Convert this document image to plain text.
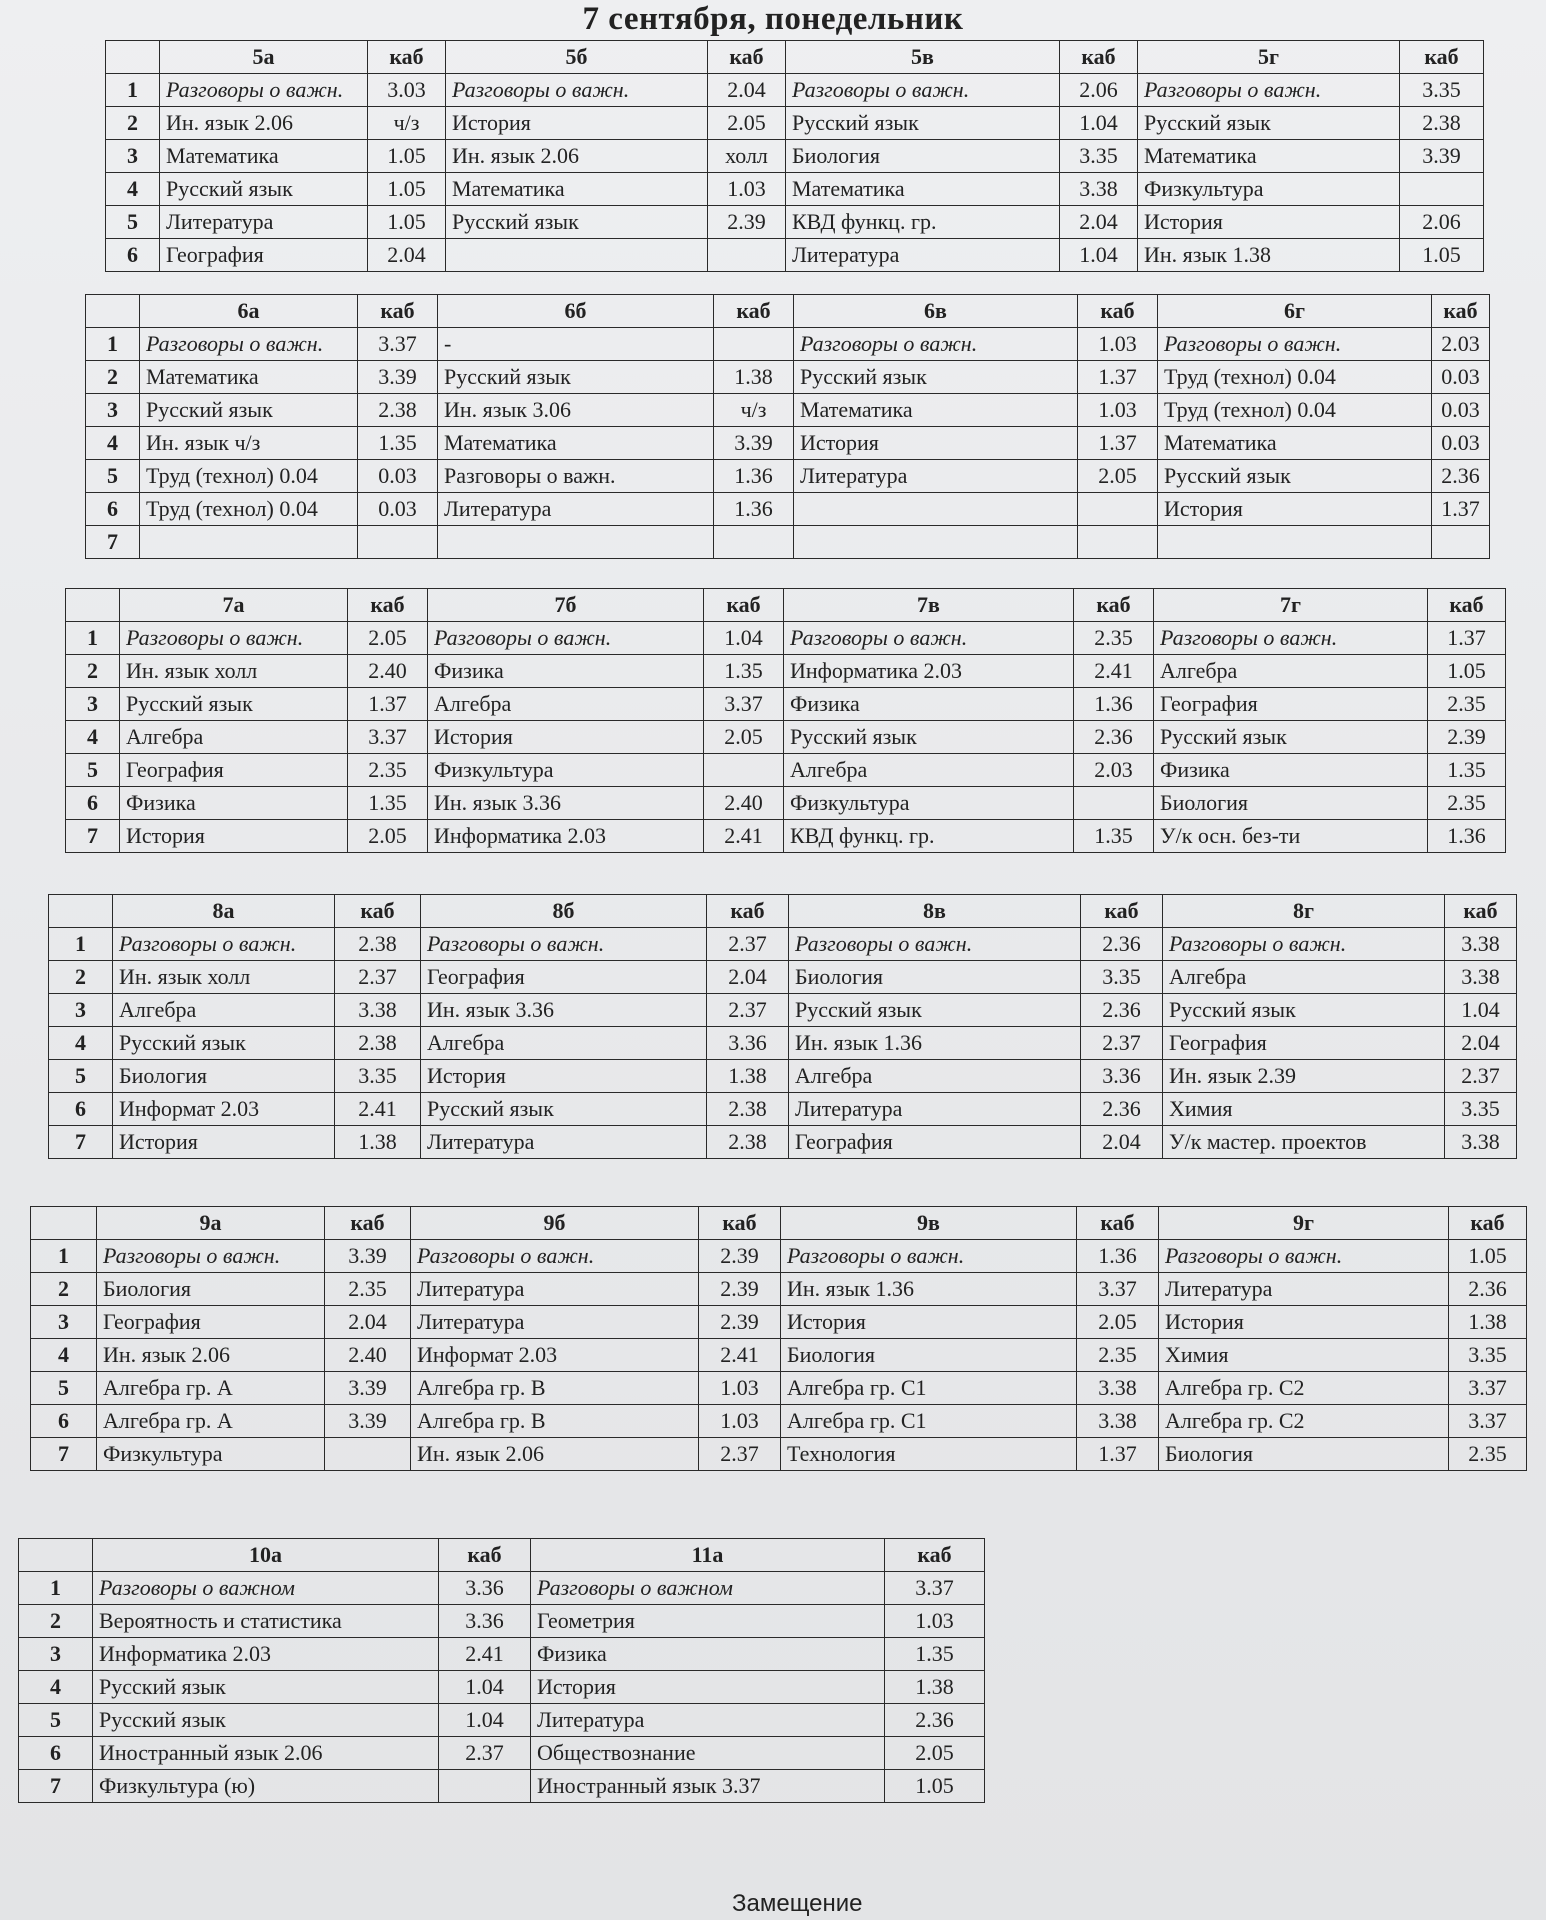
7 сентября, понедельник
	5а	каб	5б	каб	5в	каб	5г	каб
1	Разговоры о важн.	3.03	Разговоры о важн.	2.04	Разговоры о важн.	2.06	Разговоры о важн.	3.35
2	Ин. язык 2.06	ч/з	История	2.05	Русский язык	1.04	Русский язык	2.38
3	Математика	1.05	Ин. язык 2.06	холл	Биология	3.35	Математика	3.39
4	Русский язык	1.05	Математика	1.03	Математика	3.38	Физкультура	
5	Литература	1.05	Русский язык	2.39	КВД функц. гр.	2.04	История	2.06
6	География	2.04			Литература	1.04	Ин. язык 1.38	1.05
	6а	каб	6б	каб	6в	каб	6г	каб
1	Разговоры о важн.	3.37	-		Разговоры о важн.	1.03	Разговоры о важн.	2.03
2	Математика	3.39	Русский язык	1.38	Русский язык	1.37	Труд (технол) 0.04	0.03
3	Русский язык	2.38	Ин. язык 3.06	ч/з	Математика	1.03	Труд (технол) 0.04	0.03
4	Ин. язык ч/з	1.35	Математика	3.39	История	1.37	Математика	0.03
5	Труд (технол) 0.04	0.03	Разговоры о важн.	1.36	Литература	2.05	Русский язык	2.36
6	Труд (технол) 0.04	0.03	Литература	1.36			История	1.37
7								
	7а	каб	7б	каб	7в	каб	7г	каб
1	Разговоры о важн.	2.05	Разговоры о важн.	1.04	Разговоры о важн.	2.35	Разговоры о важн.	1.37
2	Ин. язык холл	2.40	Физика	1.35	Информатика 2.03	2.41	Алгебра	1.05
3	Русский язык	1.37	Алгебра	3.37	Физика	1.36	География	2.35
4	Алгебра	3.37	История	2.05	Русский язык	2.36	Русский язык	2.39
5	География	2.35	Физкультура		Алгебра	2.03	Физика	1.35
6	Физика	1.35	Ин. язык 3.36	2.40	Физкультура		Биология	2.35
7	История	2.05	Информатика 2.03	2.41	КВД функц. гр.	1.35	У/к осн. без-ти	1.36
	8а	каб	8б	каб	8в	каб	8г	каб
1	Разговоры о важн.	2.38	Разговоры о важн.	2.37	Разговоры о важн.	2.36	Разговоры о важн.	3.38
2	Ин. язык холл	2.37	География	2.04	Биология	3.35	Алгебра	3.38
3	Алгебра	3.38	Ин. язык 3.36	2.37	Русский язык	2.36	Русский язык	1.04
4	Русский язык	2.38	Алгебра	3.36	Ин. язык 1.36	2.37	География	2.04
5	Биология	3.35	История	1.38	Алгебра	3.36	Ин. язык 2.39	2.37
6	Информат 2.03	2.41	Русский язык	2.38	Литература	2.36	Химия	3.35
7	История	1.38	Литература	2.38	География	2.04	У/к мастер. проектов	3.38
	9а	каб	9б	каб	9в	каб	9г	каб
1	Разговоры о важн.	3.39	Разговоры о важн.	2.39	Разговоры о важн.	1.36	Разговоры о важн.	1.05
2	Биология	2.35	Литература	2.39	Ин. язык 1.36	3.37	Литература	2.36
3	География	2.04	Литература	2.39	История	2.05	История	1.38
4	Ин. язык 2.06	2.40	Информат 2.03	2.41	Биология	2.35	Химия	3.35
5	Алгебра гр. А	3.39	Алгебра гр. В	1.03	Алгебра гр. С1	3.38	Алгебра гр. С2	3.37
6	Алгебра гр. А	3.39	Алгебра гр. В	1.03	Алгебра гр. С1	3.38	Алгебра гр. С2	3.37
7	Физкультура		Ин. язык 2.06	2.37	Технология	1.37	Биология	2.35
	10а	каб	11а	каб
1	Разговоры о важном	3.36	Разговоры о важном	3.37
2	Вероятность и статистика	3.36	Геометрия	1.03
3	Информатика 2.03	2.41	Физика	1.35
4	Русский язык	1.04	История	1.38
5	Русский язык	1.04	Литература	2.36
6	Иностранный язык 2.06	2.37	Обществознание	2.05
7	Физкультура (ю)		Иностранный язык 3.37	1.05
Замещение
